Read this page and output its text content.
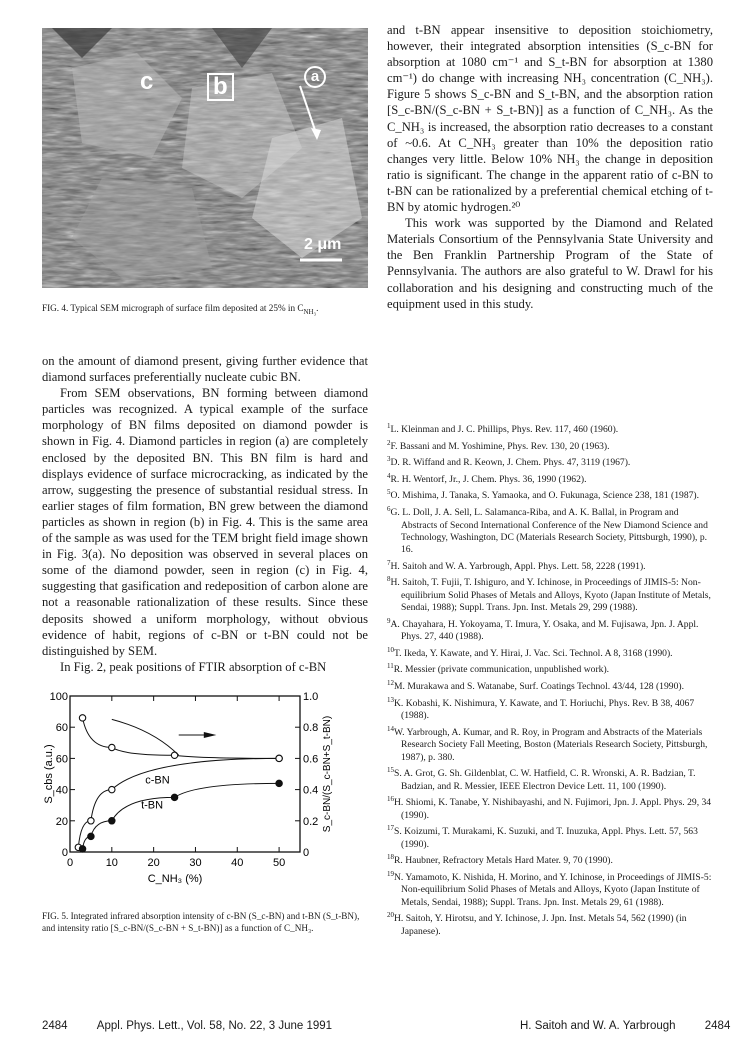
c b	a
2 μm
FIG. 4. Typical SEM micrograph of surface film deposited at 25% in $C_{NH_3}$.

on the amount of diamond present, giving further evidence that diamond surfaces preferentially nucleate cubic BN.

From SEM observations, BN forming between diamond particles was recognized. A typical example of the surface morphology of BN films deposited on diamond powder is shown in Fig. 4. Diamond particles in region (a) are completely enclosed by the deposited BN. This BN film is hard and displays evidence of surface microcracking, as indicated by the arrow, suggesting the presence of substantial residual stress. In earlier stages of film formation, BN grew between the diamond particles as shown in region (b) in Fig. 4. This is the same area of the sample as was used for the TEM bright field image shown in Fig. 3(a). No deposition was observed in several places on some of the diamond powder, seen in region (c) in Fig. 4, suggesting that gasification and redeposition of carbon alone are not a reasonable rationalization of these results. Since these deposits showed a uniform morphology, without obvious evidence of habit, regions of c-BN or t-BN could not be distinguished by SEM.

In Fig. 2, peak positions of FTIR absorption of c-BN

0	10	20	30	40	50
0
20
40
60
60
100
0
0.2
0.4
0.6
0.8
1.0
C_NH₃ (%)
S_cbs (a.u.)	S_c-BN/(S_c-BN+S_t-BN)
c-BN
t-BN
FIG. 5. Integrated infrared absorption intensity of c-BN (S_c-BN) and t-BN (S_t-BN), and intensity ratio [S_c-BN/(S_c-BN + S_t-BN)] as a function of C_NH₃.

and t-BN appear insensitive to deposition stoichiometry, however, their integrated absorption intensities (S_c-BN for absorption at 1080 cm⁻¹ and S_t-BN for absorption at 1380 cm⁻¹) do change with increasing NH₃ concentration (C_NH₃). Figure 5 shows S_c-BN and S_t-BN, and the absorption ration [S_c-BN/(S_c-BN + S_t-BN)] as a function of C_NH₃. As the C_NH₃ is increased, the absorption ratio decreases to a constant of ~0.6. At C_NH₃ greater than 10% the deposition ratio changes very little. Below 10% NH₃ the change in deposition ratio is significant. The change in the apparent ratio of c-BN to t-BN can be rationalized by a preferential chemical etching of t-BN by atomic hydrogen.²⁰

This work was supported by the Diamond and Related Materials Consortium of the Pennsylvania State University and the Ben Franklin Partnership Program of the State of Pennsylvania. The authors are also grateful to W. Drawl for his collaboration and his designing and constructing much of the equipment used in this study.

$^1$L. Kleinman and J. C. Phillips, Phys. Rev. 117, 460 (1960).

$^2$F. Bassani and M. Yoshimine, Phys. Rev. 130, 20 (1963).

$^3$D. R. Wiffand and R. Keown, J. Chem. Phys. 47, 3119 (1967).

$^4$R. H. Wentorf, Jr., J. Chem. Phys. 36, 1990 (1962).

$^5$O. Mishima, J. Tanaka, S. Yamaoka, and O. Fukunaga, Science 238, 181 (1987).

$^6$G. L. Doll, J. A. Sell, L. Salamanca-Riba, and A. K. Ballal, in Program and Abstracts of Second International Conference of the New Diamond Science and Technology, Washington, DC (Materials Research Society, Pittsburgh, 1990), p. 16.

$^7$H. Saitoh and W. A. Yarbrough, Appl. Phys. Lett. 58, 2228 (1991).

$^8$H. Saitoh, T. Fujii, T. Ishiguro, and Y. Ichinose, in Proceedings of JIMIS-5: Non-equilibrium Solid Phases of Metals and Alloys, Kyoto (Japan Institute of Metals, Sendai, 1988); Suppl. Trans. Jpn. Inst. Metals 29, 299 (1988).

$^9$A. Chayahara, H. Yokoyama, T. Imura, Y. Osaka, and M. Fujisawa, Jpn. J. Appl. Phys. 27, 440 (1988).

$^{10}$T. Ikeda, Y. Kawate, and Y. Hirai, J. Vac. Sci. Technol. A 8, 3168 (1990).

$^{11}$R. Messier (private communication, unpublished work).

$^{12}$M. Murakawa and S. Watanabe, Surf. Coatings Technol. 43/44, 128 (1990).

$^{13}$K. Kobashi, K. Nishimura, Y. Kawate, and T. Horiuchi, Phys. Rev. B 38, 4067 (1988).

$^{14}$W. Yarbrough, A. Kumar, and R. Roy, in Program and Abstracts of the Materials Research Society Fall Meeting, Boston (Materials Research Society, Pittsburgh, 1987), p. 380.

$^{15}$S. A. Grot, G. Sh. Gildenblat, C. W. Hatfield, C. R. Wronski, A. R. Badzian, T. Badzian, and R. Messier, IEEE Electron Device Lett. 11, 100 (1990).

$^{16}$H. Shiomi, K. Tanabe, Y. Nishibayashi, and N. Fujimori, Jpn. J. Appl. Phys. 29, 34 (1990).

$^{17}$S. Koizumi, T. Murakami, K. Suzuki, and T. Inuzuka, Appl. Phys. Lett. 57, 563 (1990).

$^{18}$R. Haubner, Refractory Metals Hard Mater. 9, 70 (1990).

$^{19}$N. Yamamoto, K. Nishida, H. Morino, and Y. Ichinose, in Proceedings of JIMIS-5: Non-equilibrium Solid Phases of Metals and Alloys, Kyoto (Japan Institute of Metals, Sendai, 1988); Suppl. Trans. Jpn. Inst. Metals 29, 61 (1988).

$^{20}$H. Saitoh, Y. Hirotsu, and Y. Ichinose, J. Jpn. Inst. Metals 54, 562 (1990) (in Japanese).

2484	Appl. Phys. Lett., Vol. 58, No. 22, 3 June 1991	H. Saitoh and W. A. Yarbrough	2484
